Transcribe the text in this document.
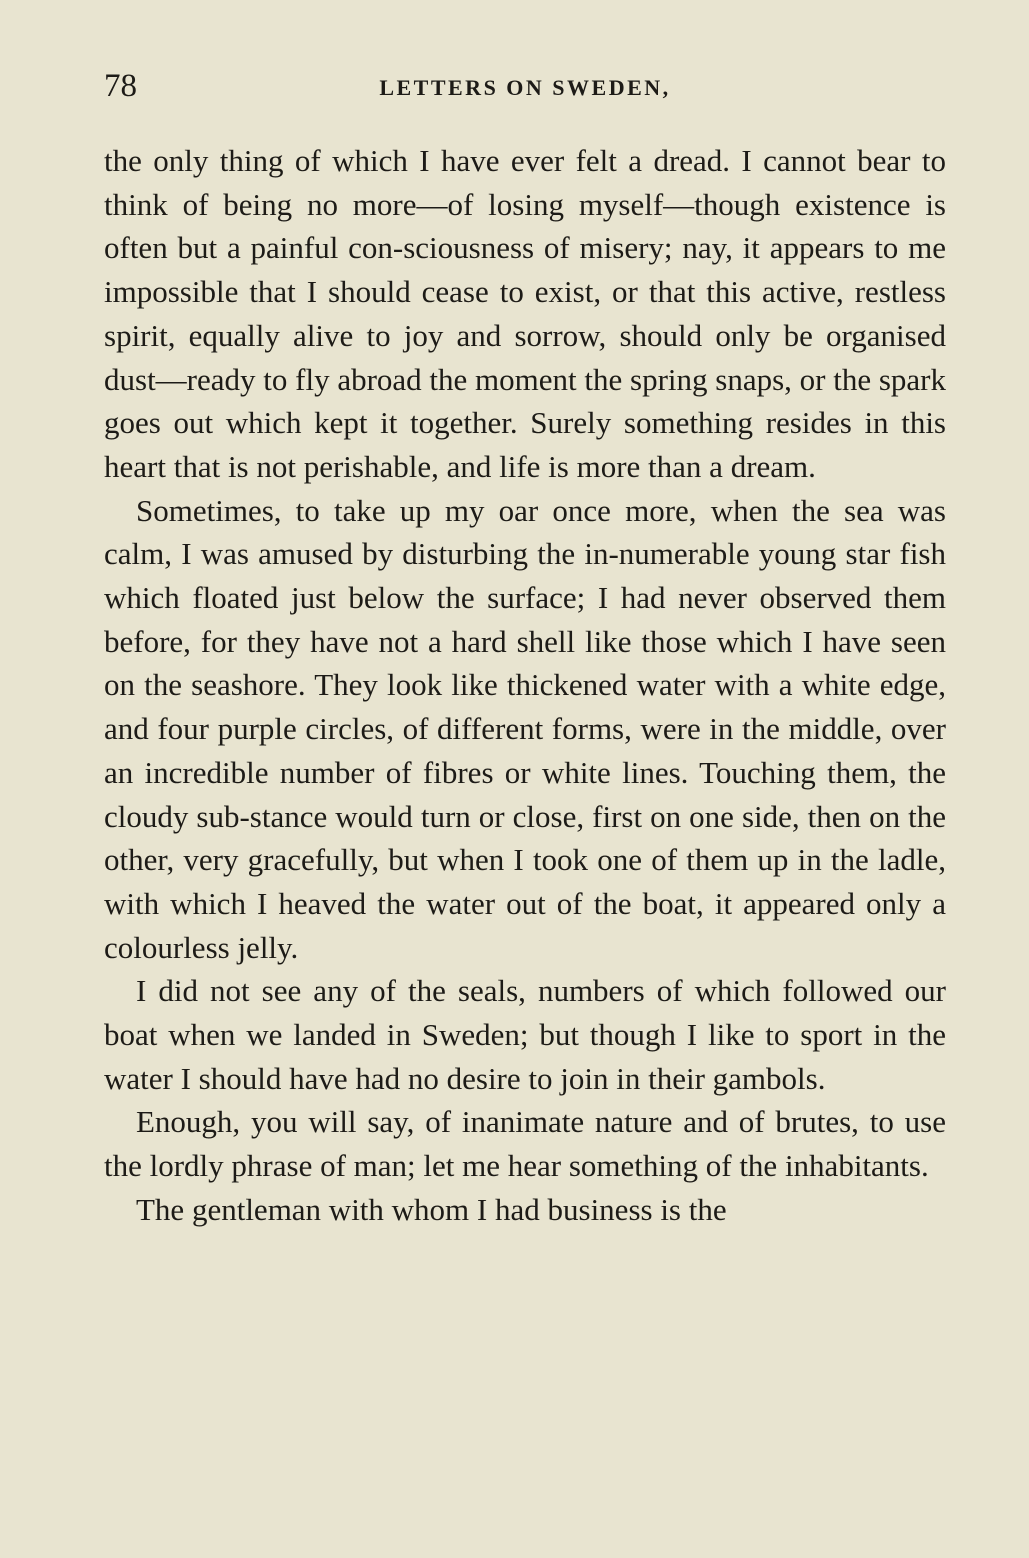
78	LETTERS ON SWEDEN,

the only thing of which I have ever felt a dread. I cannot bear to think of being no more—of losing myself—though existence is often but a painful con-sciousness of misery; nay, it appears to me impossible that I should cease to exist, or that this active, restless spirit, equally alive to joy and sorrow, should only be organised dust—ready to fly abroad the moment the spring snaps, or the spark goes out which kept it together. Surely something resides in this heart that is not perishable, and life is more than a dream.

Sometimes, to take up my oar once more, when the sea was calm, I was amused by disturbing the in-numerable young star fish which floated just below the surface; I had never observed them before, for they have not a hard shell like those which I have seen on the seashore. They look like thickened water with a white edge, and four purple circles, of different forms, were in the middle, over an incredible number of fibres or white lines. Touching them, the cloudy sub-stance would turn or close, first on one side, then on the other, very gracefully, but when I took one of them up in the ladle, with which I heaved the water out of the boat, it appeared only a colourless jelly.

I did not see any of the seals, numbers of which followed our boat when we landed in Sweden; but though I like to sport in the water I should have had no desire to join in their gambols.

Enough, you will say, of inanimate nature and of brutes, to use the lordly phrase of man; let me hear something of the inhabitants.

The gentleman with whom I had business is the
